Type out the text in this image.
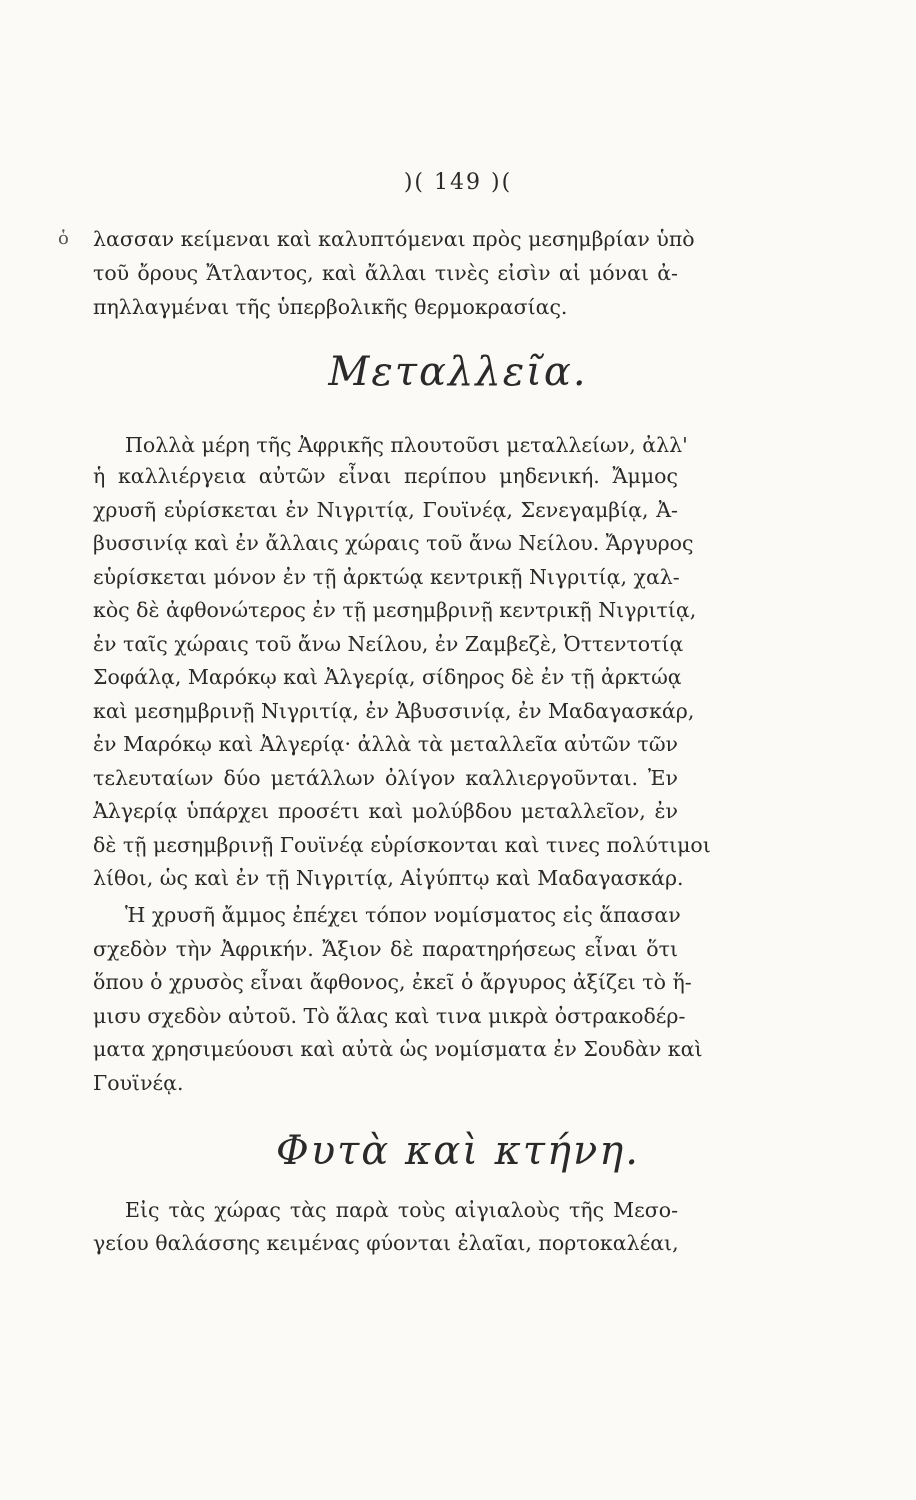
)( 149 )(
ὁ λασσαν κείμεναι καὶ καλυπτόμεναι πρὸς μεσημβρίαν ὑπὸ
τοῦ ὄρους Ἄτλαντος, καὶ ἄλλαι τινὲς εἰσὶν αἱ μόναι ἀ-
πηλλαγμέναι τῆς ὑπερβολικῆς θερμοκρασίας.
Μεταλλεῖα.
Πολλὰ μέρη τῆς Ἀφρικῆς πλουτοῦσι μεταλλείων, ἀλλ'
ἡ καλλιέργεια αὐτῶν εἶναι περίπου μηδενική. Ἄμμος
χρυσῆ εὑρίσκεται ἐν Νιγριτίᾳ, Γουϊνέᾳ, Σενεγαμβίᾳ, Ἀ-
βυσσινίᾳ καὶ ἐν ἄλλαις χώραις τοῦ ἄνω Νείλου. Ἄργυρος
εὑρίσκεται μόνον ἐν τῇ ἀρκτώᾳ κεντρικῇ Νιγριτίᾳ, χαλ-
κὸς δὲ ἀφθονώτερος ἐν τῇ μεσημβρινῇ κεντρικῇ Νιγριτίᾳ,
ἐν ταῖς χώραις τοῦ ἄνω Νείλου, ἐν Ζαμβεζὲ, Ὀττεντοτίᾳ
Σοφάλᾳ, Μαρόκῳ καὶ Ἀλγερίᾳ, σίδηρος δὲ ἐν τῇ ἀρκτώᾳ
καὶ μεσημβρινῇ Νιγριτίᾳ, ἐν Ἀβυσσινίᾳ, ἐν Μαδαγασκάρ,
ἐν Μαρόκῳ καὶ Ἀλγερίᾳ· ἀλλὰ τὰ μεταλλεῖα αὐτῶν τῶν
τελευταίων δύο μετάλλων ὀλίγον καλλιεργοῦνται. Ἐν
Ἀλγερίᾳ ὑπάρχει προσέτι καὶ μολύβδου μεταλλεῖον, ἐν
δὲ τῇ μεσημβρινῇ Γουϊνέᾳ εὑρίσκονται καὶ τινες πολύτιμοι
λίθοι, ὡς καὶ ἐν τῇ Νιγριτίᾳ, Αἰγύπτῳ καὶ Μαδαγασκάρ.
Ἡ χρυσῆ ἄμμος ἐπέχει τόπον νομίσματος εἰς ἅπασαν
σχεδὸν τὴν Ἀφρικήν. Ἄξιον δὲ παρατηρήσεως εἶναι ὅτι
ὅπου ὁ χρυσὸς εἶναι ἄφθονος, ἐκεῖ ὁ ἄργυρος ἀξίζει τὸ ἥ-
μισυ σχεδὸν αὐτοῦ. Τὸ ἅλας καὶ τινα μικρὰ ὀστρακοδέρ-
ματα χρησιμεύουσι καὶ αὐτὰ ὡς νομίσματα ἐν Σουδὰν καὶ
Γουϊνέᾳ.
Φυτὰ καὶ κτήνη.
Εἰς τὰς χώρας τὰς παρὰ τοὺς αἰγιαλοὺς τῆς Μεσο-
γείου θαλάσσης κειμένας φύονται ἐλαῖαι, πορτοκαλέαι,
